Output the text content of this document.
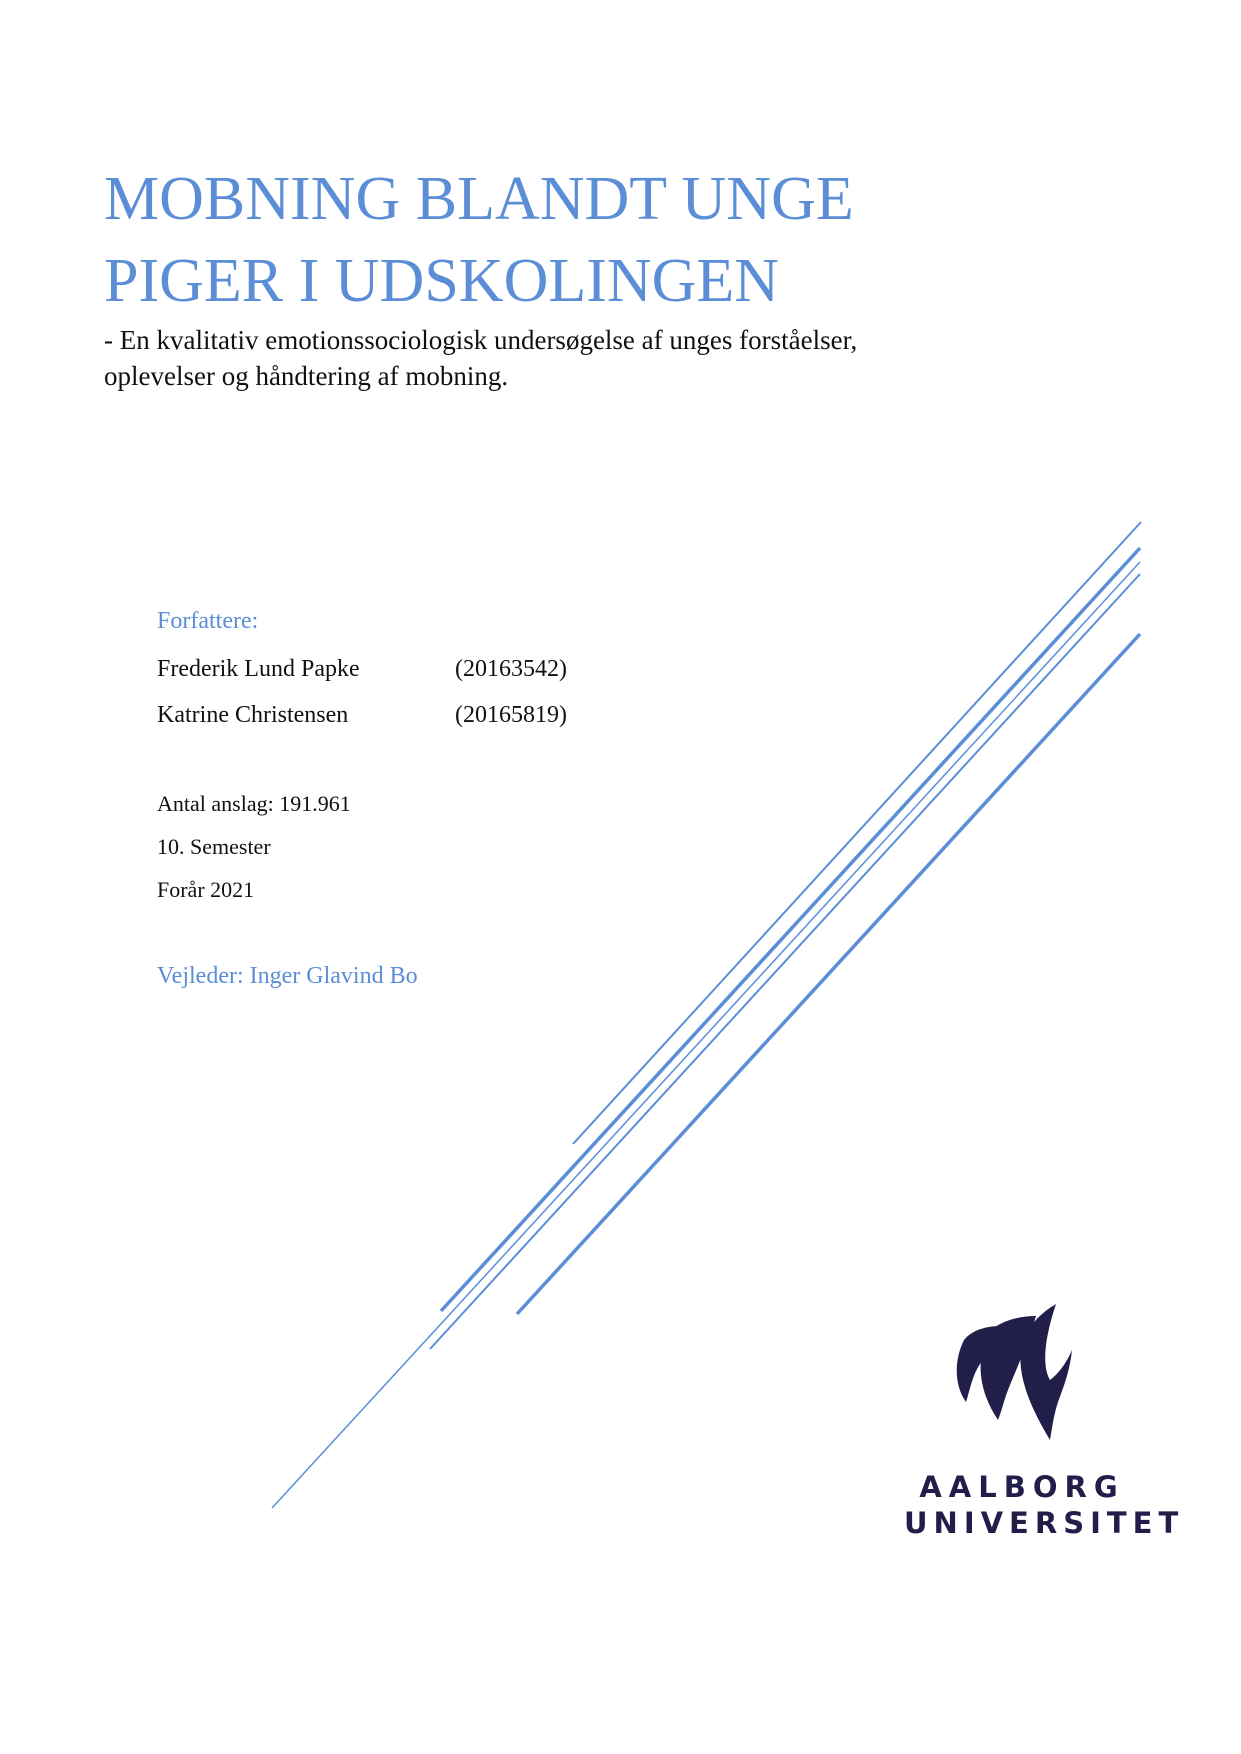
MOBNING BLANDT UNGE
PIGER I UDSKOLINGEN
- En kvalitativ emotionssociologisk undersøgelse af unges forståelser,
oplevelser og håndtering af mobning.
Forfattere:
Frederik Lund Papke	(20163542)
Katrine Christensen	(20165819)
Antal anslag: 191.961
10. Semester
Forår 2021
Vejleder: Inger Glavind Bo
AALBORG
UNIVERSITET
